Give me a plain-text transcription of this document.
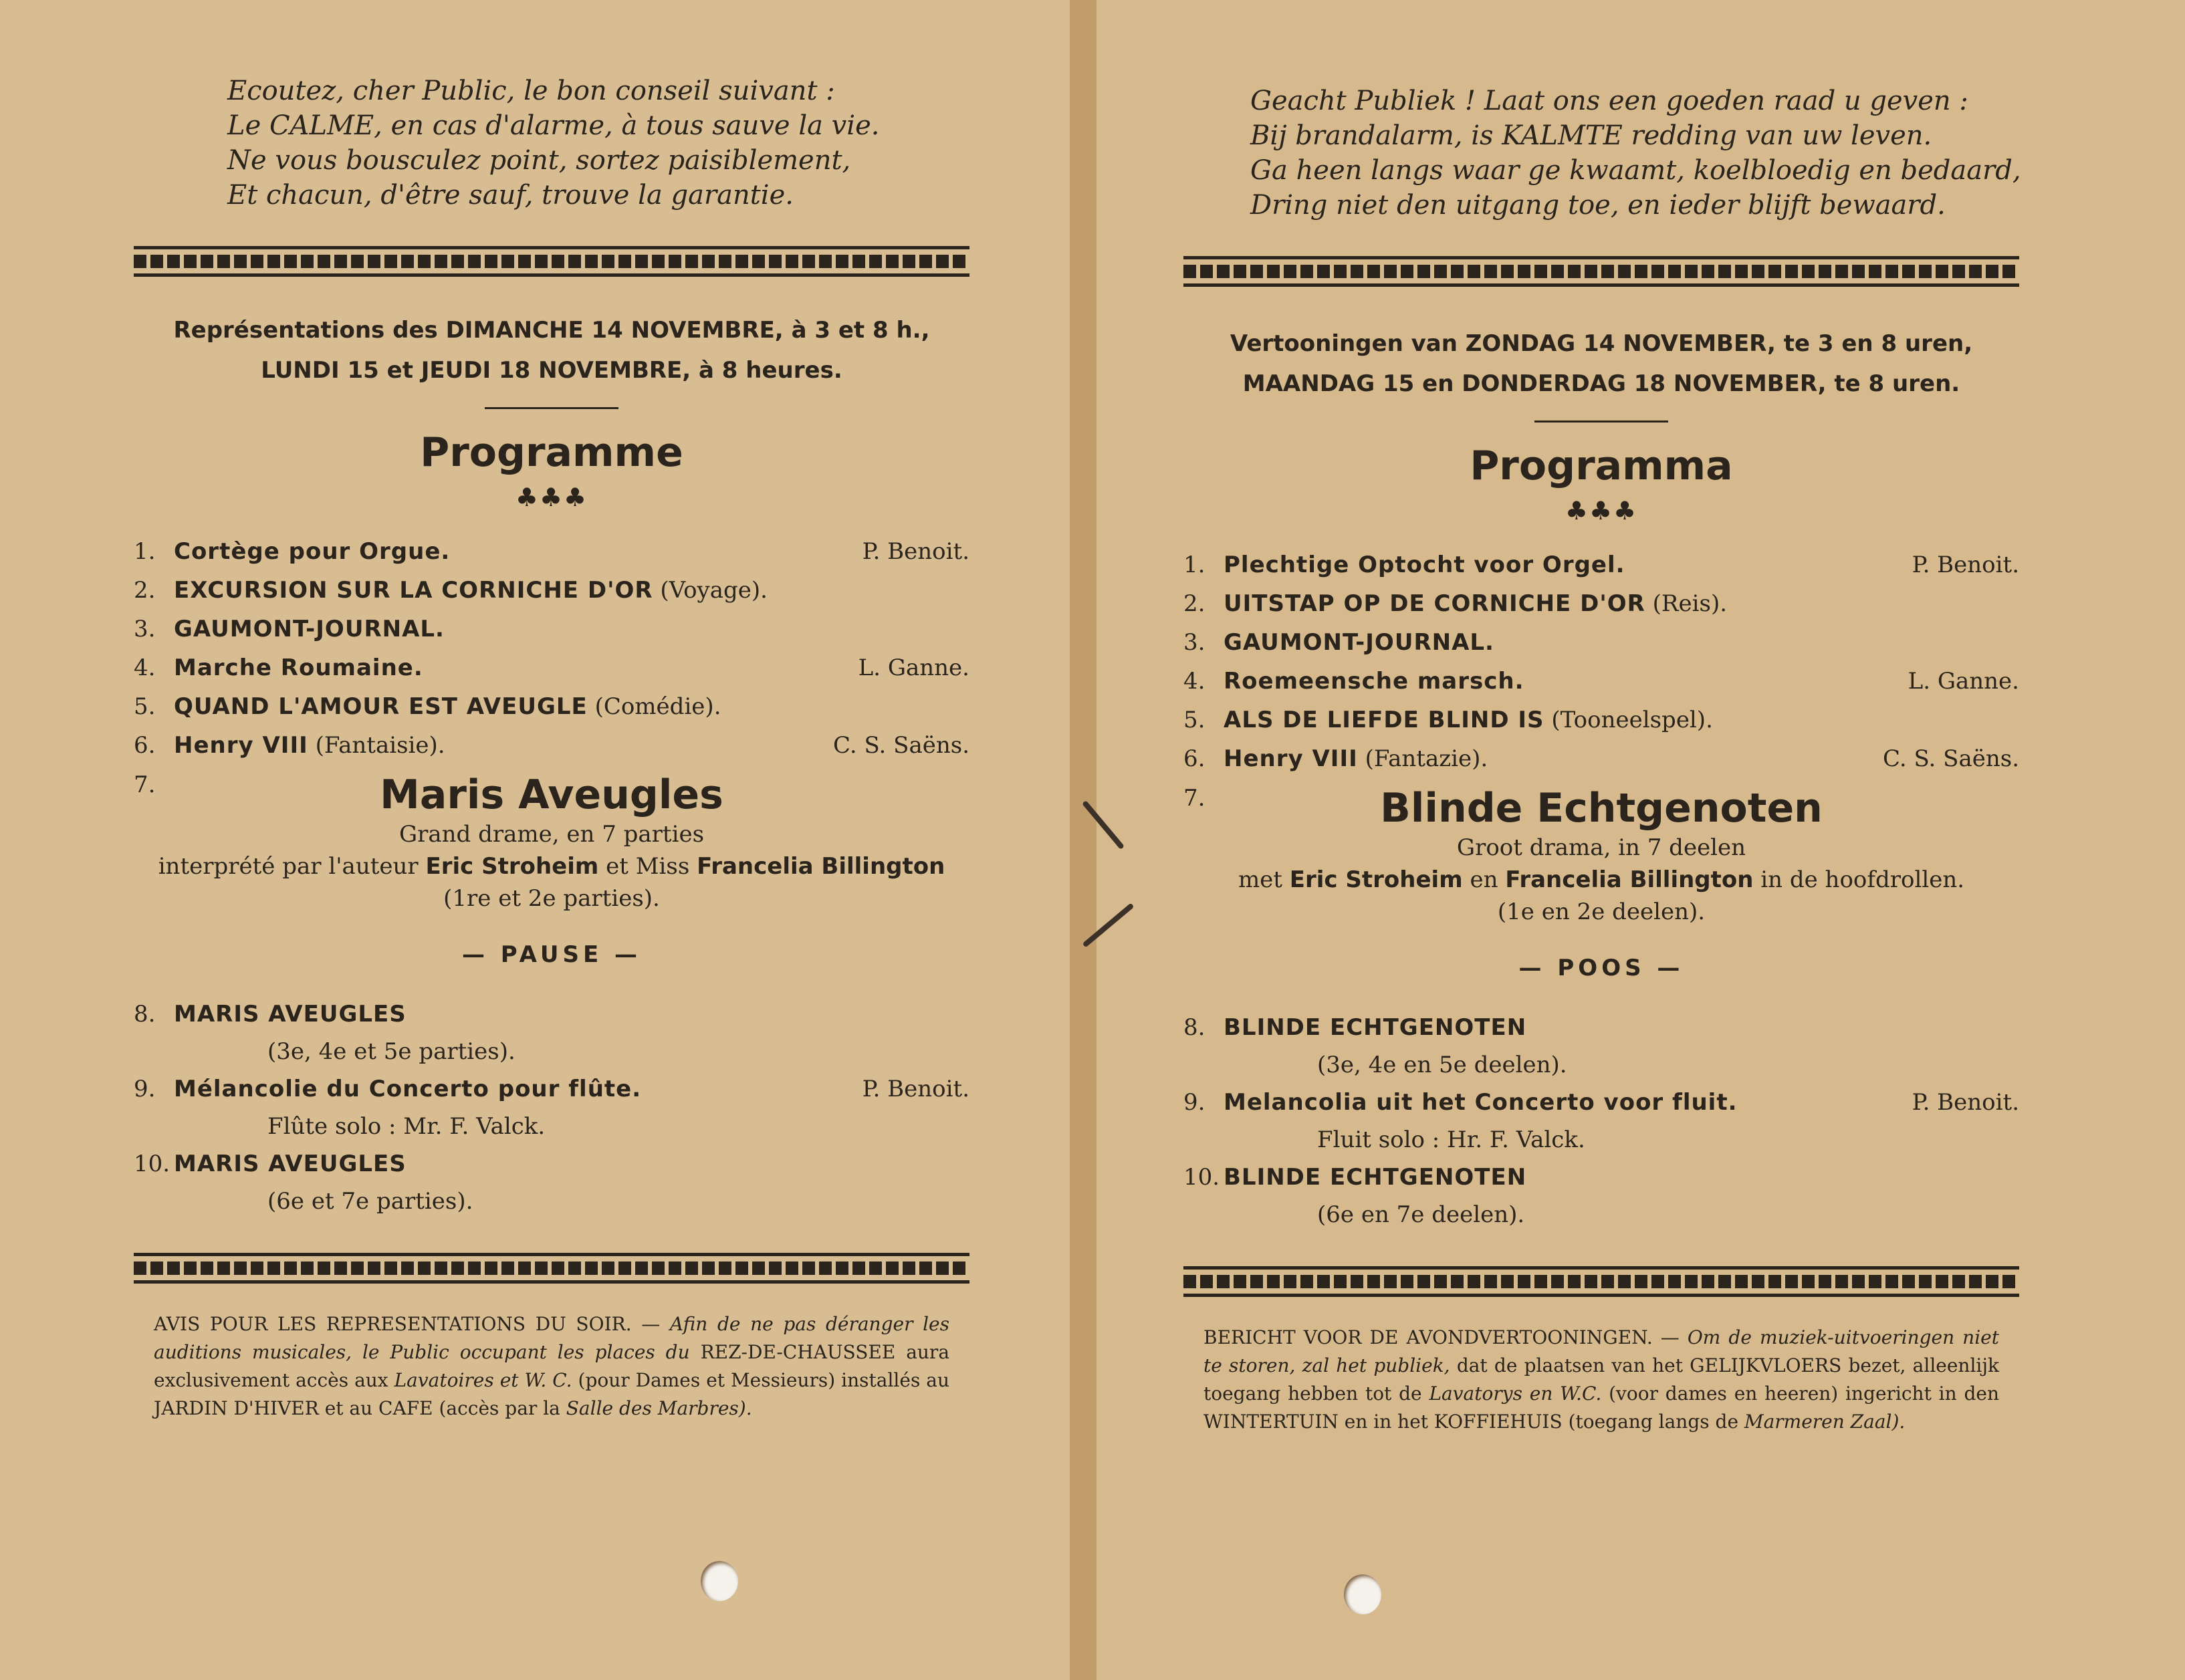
Ecoutez, cher Public, le bon conseil suivant :
Le CALME, en cas d'alarme, à tous sauve la vie.
Ne vous bousculez point, sortez paisiblement,
Et chacun, d'être sauf, trouve la garantie.
Représentations des DIMANCHE 14 NOVEMBRE, à 3 et 8 h.,
LUNDI 15 et JEUDI 18 NOVEMBRE, à 8 heures.
Programme
♣♣♣
1. Cortège pour Orgue.	P. Benoit.
2. EXCURSION SUR LA CORNICHE D'OR (Voyage).
3. GAUMONT-JOURNAL.
4. Marche Roumaine.	L. Ganne.
5. QUAND L'AMOUR EST AVEUGLE (Comédie).
6. Henry VIII (Fantaisie).	C. S. Saëns.
7.	Maris Aveugles
Grand drame, en 7 parties
interprété par l'auteur Eric Stroheim et Miss Francelia Billington
(1re et 2e parties).
— PAUSE —
8. MARIS AVEUGLES
(3e, 4e et 5e parties).
9. Mélancolie du Concerto pour flûte.	P. Benoit.
Flûte solo : Mr. F. Valck.
10. MARIS AVEUGLES
(6e et 7e parties).
AVIS POUR LES REPRESENTATIONS DU SOIR. — Afin de ne pas déranger les auditions musicales, le Public occupant les places du REZ-DE-CHAUSSEE aura exclusivement accès aux Lavatoires et W. C. (pour Dames et Messieurs) installés au JARDIN D'HIVER et au CAFE (accès par la Salle des Marbres).
Geacht Publiek ! Laat ons een goeden raad u geven :
Bij brandalarm, is KALMTE redding van uw leven.
Ga heen langs waar ge kwaamt, koelbloedig en bedaard,
Dring niet den uitgang toe, en ieder blijft bewaard.
Vertooningen van ZONDAG 14 NOVEMBER, te 3 en 8 uren,
MAANDAG 15 en DONDERDAG 18 NOVEMBER, te 8 uren.
Programma
♣♣♣
1. Plechtige Optocht voor Orgel.	P. Benoit.
2. UITSTAP OP DE CORNICHE D'OR (Reis).
3. GAUMONT-JOURNAL.
4. Roemeensche marsch.	L. Ganne.
5. ALS DE LIEFDE BLIND IS (Tooneelspel).
6. Henry VIII (Fantazie).	C. S. Saëns.
7.	Blinde Echtgenoten
Groot drama, in 7 deelen
met Eric Stroheim en Francelia Billington in de hoofdrollen.
(1e en 2e deelen).
— POOS —
8. BLINDE ECHTGENOTEN
(3e, 4e en 5e deelen).
9. Melancolia uit het Concerto voor fluit.	P. Benoit.
Fluit solo : Hr. F. Valck.
10. BLINDE ECHTGENOTEN
(6e en 7e deelen).
BERICHT VOOR DE AVONDVERTOONINGEN. — Om de muziek-uitvoeringen niet te storen, zal het publiek, dat de plaatsen van het GELIJKVLOERS bezet, alleenlijk toegang hebben tot de Lavatorys en W.C. (voor dames en heeren) ingericht in den WINTERTUIN en in het KOFFIEHUIS (toegang langs de Marmeren Zaal).
